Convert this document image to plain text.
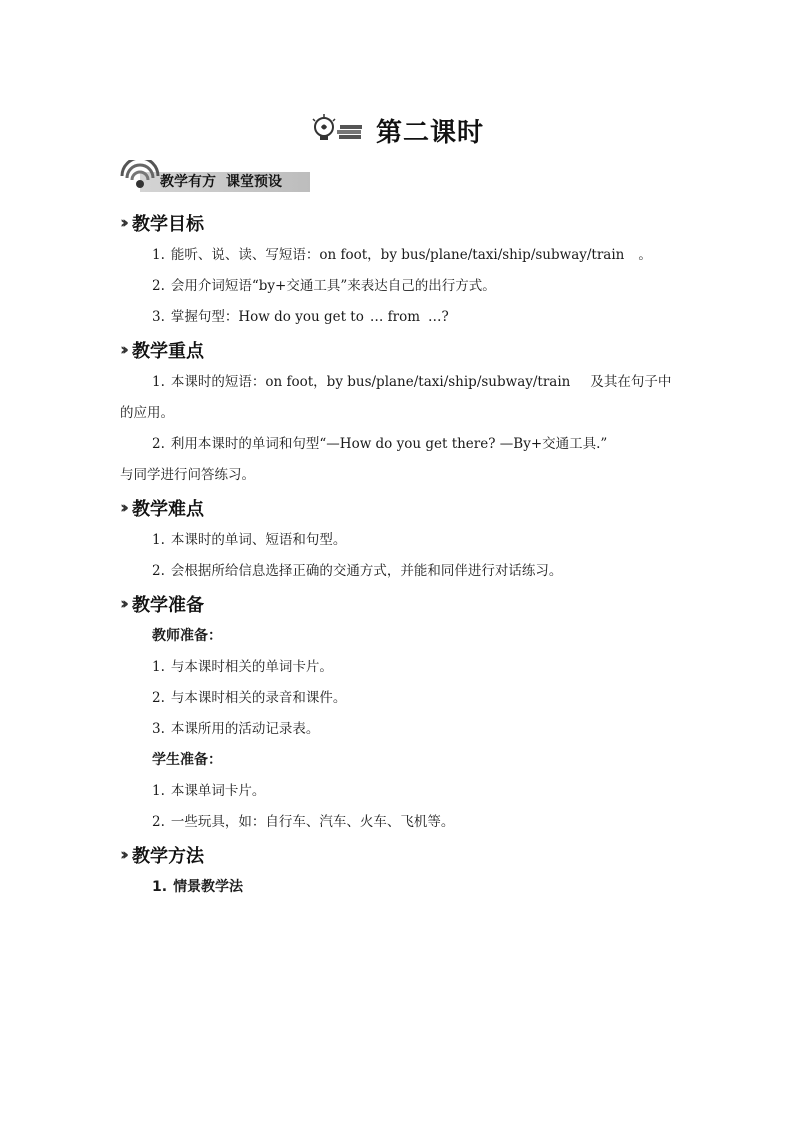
第二课时
教学有方 课堂预设
›› 教学目标
1. 能听、说、读、写短语：on foot，by bus/plane/taxi/ship/subway/train 。
2. 会用介词短语“by+交通工具”来表达自己的出行方式。
3. 掌握句型：How do you get to … from …?
›› 教学重点
1. 本课时的短语：on foot，by bus/plane/taxi/ship/subway/train 及其在句子中
的应用。
2. 利用本课时的单词和句型“—How do you get there? —By+交通工具.”
与同学进行问答练习。
›› 教学难点
1. 本课时的单词、短语和句型。
2. 会根据所给信息选择正确的交通方式，并能和同伴进行对话练习。
›› 教学准备
教师准备：
1. 与本课时相关的单词卡片。
2. 与本课时相关的录音和课件。
3. 本课所用的活动记录表。
学生准备：
1. 本课单词卡片。
2. 一些玩具，如：自行车、汽车、火车、飞机等。
›› 教学方法
1. 情景教学法
